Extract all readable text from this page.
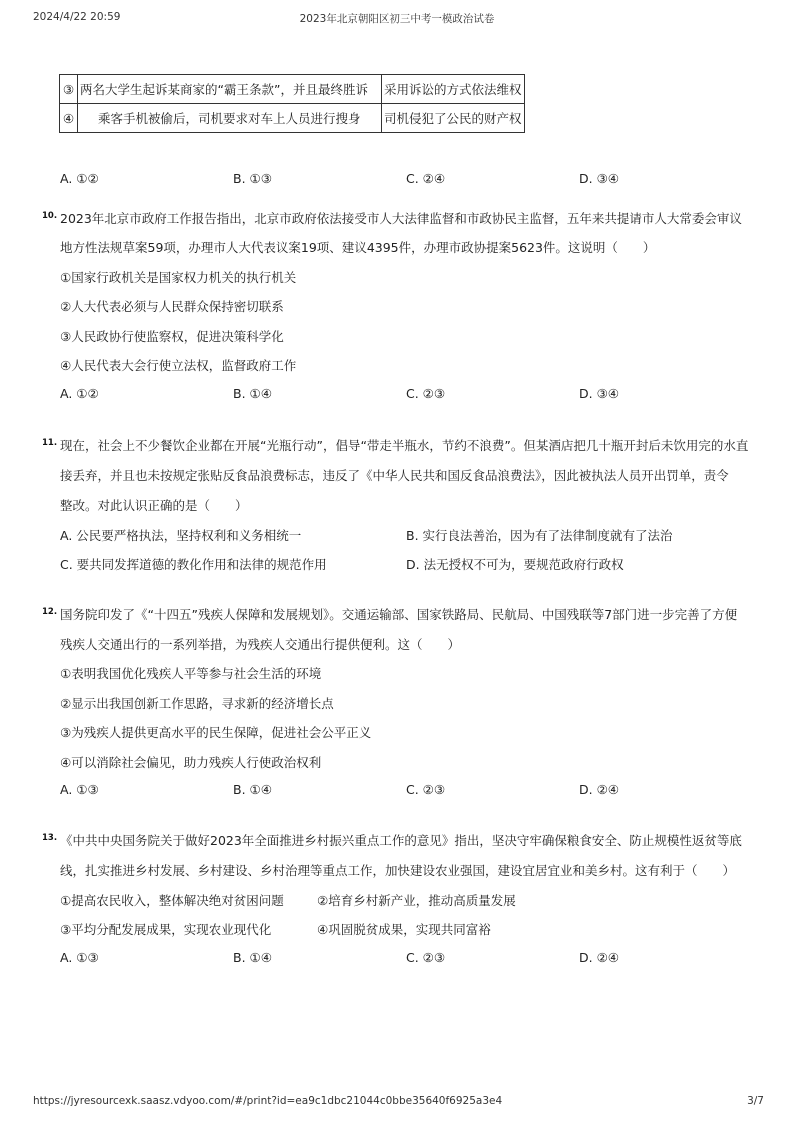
2024/4/22 20:59	2023年北京朝阳区初三中考一模政治试卷
③	两名大学生起诉某商家的“霸王条款”，并且最终胜诉	采用诉讼的方式依法维权
④	乘客手机被偷后，司机要求对车上人员进行搜身	司机侵犯了公民的财产权
A. ①②	B. ①③	C. ②④	D. ③④
10. 2023年北京市政府工作报告指出，北京市政府依法接受市人大法律监督和市政协民主监督，五年来共提请市人大常委会审议
地方性法规草案59项，办理市人大代表议案19项、建议4395件，办理市政协提案5623件。这说明（　　）
①国家行政机关是国家权力机关的执行机关
②人大代表必须与人民群众保持密切联系
③人民政协行使监察权，促进决策科学化
④人民代表大会行使立法权，监督政府工作
A. ①②	B. ①④	C. ②③	D. ③④
11. 现在，社会上不少餐饮企业都在开展“光瓶行动”，倡导“带走半瓶水，节约不浪费”。但某酒店把几十瓶开封后未饮用完的水直
接丢弃，并且也未按规定张贴反食品浪费标志，违反了《中华人民共和国反食品浪费法》，因此被执法人员开出罚单，责令
整改。对此认识正确的是（　　）
A. 公民要严格执法，坚持权利和义务相统一	B. 实行良法善治，因为有了法律制度就有了法治
C. 要共同发挥道德的教化作用和法律的规范作用	D. 法无授权不可为，要规范政府行政权
12. 国务院印发了《“十四五”残疾人保障和发展规划》。交通运输部、国家铁路局、民航局、中国残联等7部门进一步完善了方便
残疾人交通出行的一系列举措，为残疾人交通出行提供便利。这（　　）
①表明我国优化残疾人平等参与社会生活的环境
②显示出我国创新工作思路，寻求新的经济增长点
③为残疾人提供更高水平的民生保障，促进社会公平正义
④可以消除社会偏见，助力残疾人行使政治权利
A. ①③	B. ①④	C. ②③	D. ②④
13. 《中共中央国务院关于做好2023年全面推进乡村振兴重点工作的意见》指出，坚决守牢确保粮食安全、防止规模性返贫等底
线，扎实推进乡村发展、乡村建设、乡村治理等重点工作，加快建设农业强国，建设宜居宜业和美乡村。这有利于（　　）
①提高农民收入，整体解决绝对贫困问题	②培育乡村新产业，推动高质量发展
③平均分配发展成果，实现农业现代化	④巩固脱贫成果，实现共同富裕
A. ①③	B. ①④	C. ②③	D. ②④
https://jyresourcexk.saasz.vdyoo.com/#/print?id=ea9c1dbc21044c0bbe35640f6925a3e4	3/7
